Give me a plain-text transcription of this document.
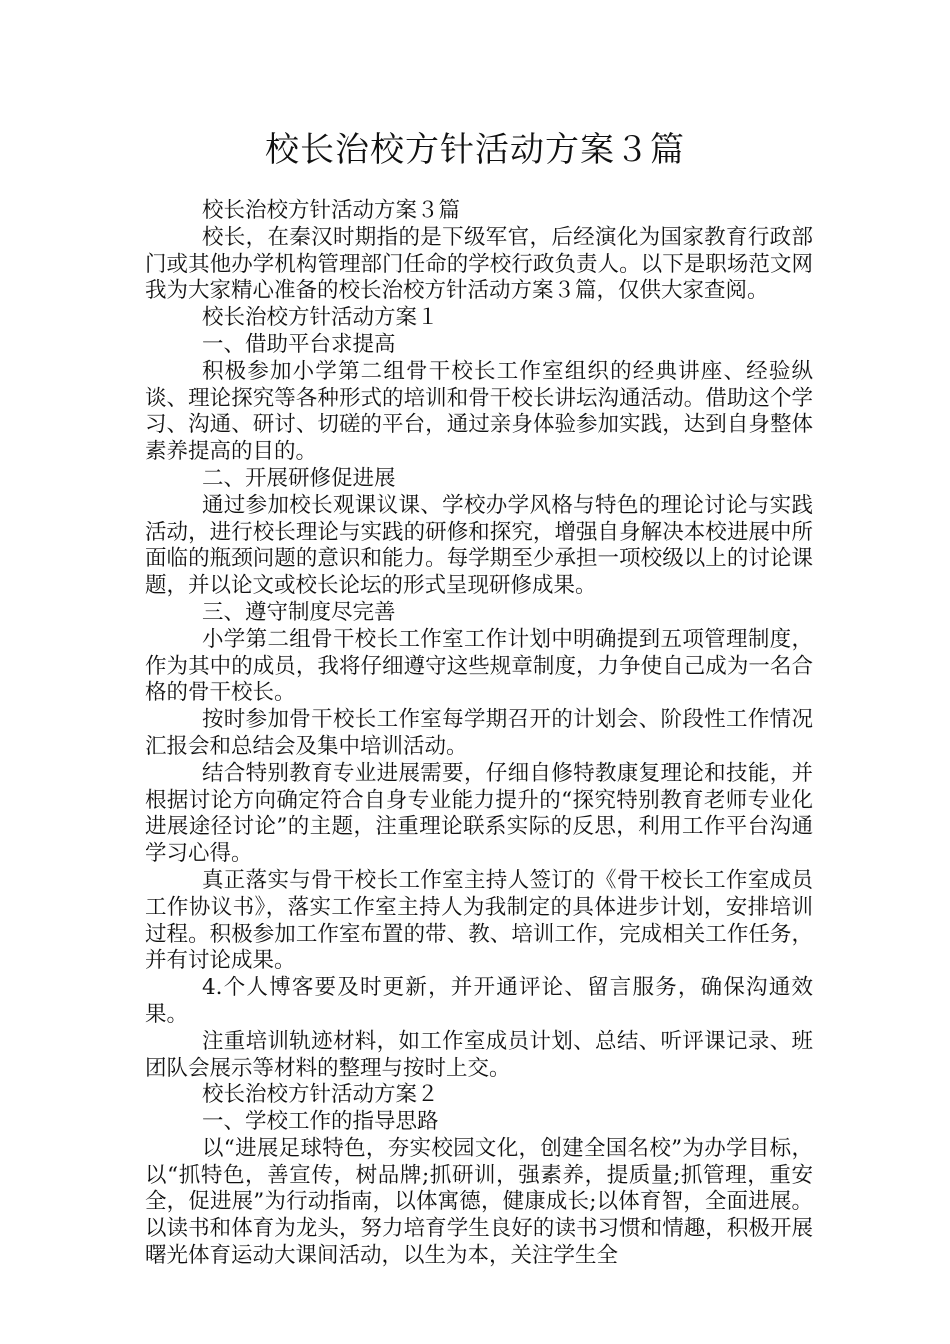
校长治校方针活动方案３篇

校长治校方针活动方案３篇

校长，在秦汉时期指的是下级军官，后经演化为国家教育行政部门或其他办学机构管理部门任命的学校行政负责人。以下是职场范文网我为大家精心准备的校长治校方针活动方案３篇，仅供大家查阅。

校长治校方针活动方案１

一、借助平台求提高

积极参加小学第二组骨干校长工作室组织的经典讲座、经验纵谈、理论探究等各种形式的培训和骨干校长讲坛沟通活动。借助这个学习、沟通、研讨、切磋的平台，通过亲身体验参加实践，达到自身整体素养提高的目的。

二、开展研修促进展

通过参加校长观课议课、学校办学风格与特色的理论讨论与实践活动，进行校长理论与实践的研修和探究，增强自身解决本校进展中所面临的瓶颈问题的意识和能力。每学期至少承担一项校级以上的讨论课题，并以论文或校长论坛的形式呈现研修成果。

三、遵守制度尽完善

小学第二组骨干校长工作室工作计划中明确提到五项管理制度，作为其中的成员，我将仔细遵守这些规章制度，力争使自己成为一名合格的骨干校长。

按时参加骨干校长工作室每学期召开的计划会、阶段性工作情况汇报会和总结会及集中培训活动。

结合特别教育专业进展需要，仔细自修特教康复理论和技能，并根据讨论方向确定符合自身专业能力提升的“探究特别教育老师专业化进展途径讨论”的主题，注重理论联系实际的反思，利用工作平台沟通学习心得。

真正落实与骨干校长工作室主持人签订的《骨干校长工作室成员工作协议书》，落实工作室主持人为我制定的具体进步计划，安排培训过程。积极参加工作室布置的带、教、培训工作，完成相关工作任务，并有讨论成果。

4.个人博客要及时更新，并开通评论、留言服务，确保沟通效果。

注重培训轨迹材料，如工作室成员计划、总结、听评课记录、班团队会展示等材料的整理与按时上交。

校长治校方针活动方案２

一、学校工作的指导思路

以“进展足球特色，夯实校园文化，创建全国名校”为办学目标，以“抓特色，善宣传，树品牌;抓研训，强素养，提质量;抓管理，重安全，促进展”为行动指南，以体寓德，健康成长;以体育智，全面进展。以读书和体育为龙头，努力培育学生良好的读书习惯和情趣，积极开展曙光体育运动大课间活动，以生为本，关注学生全
